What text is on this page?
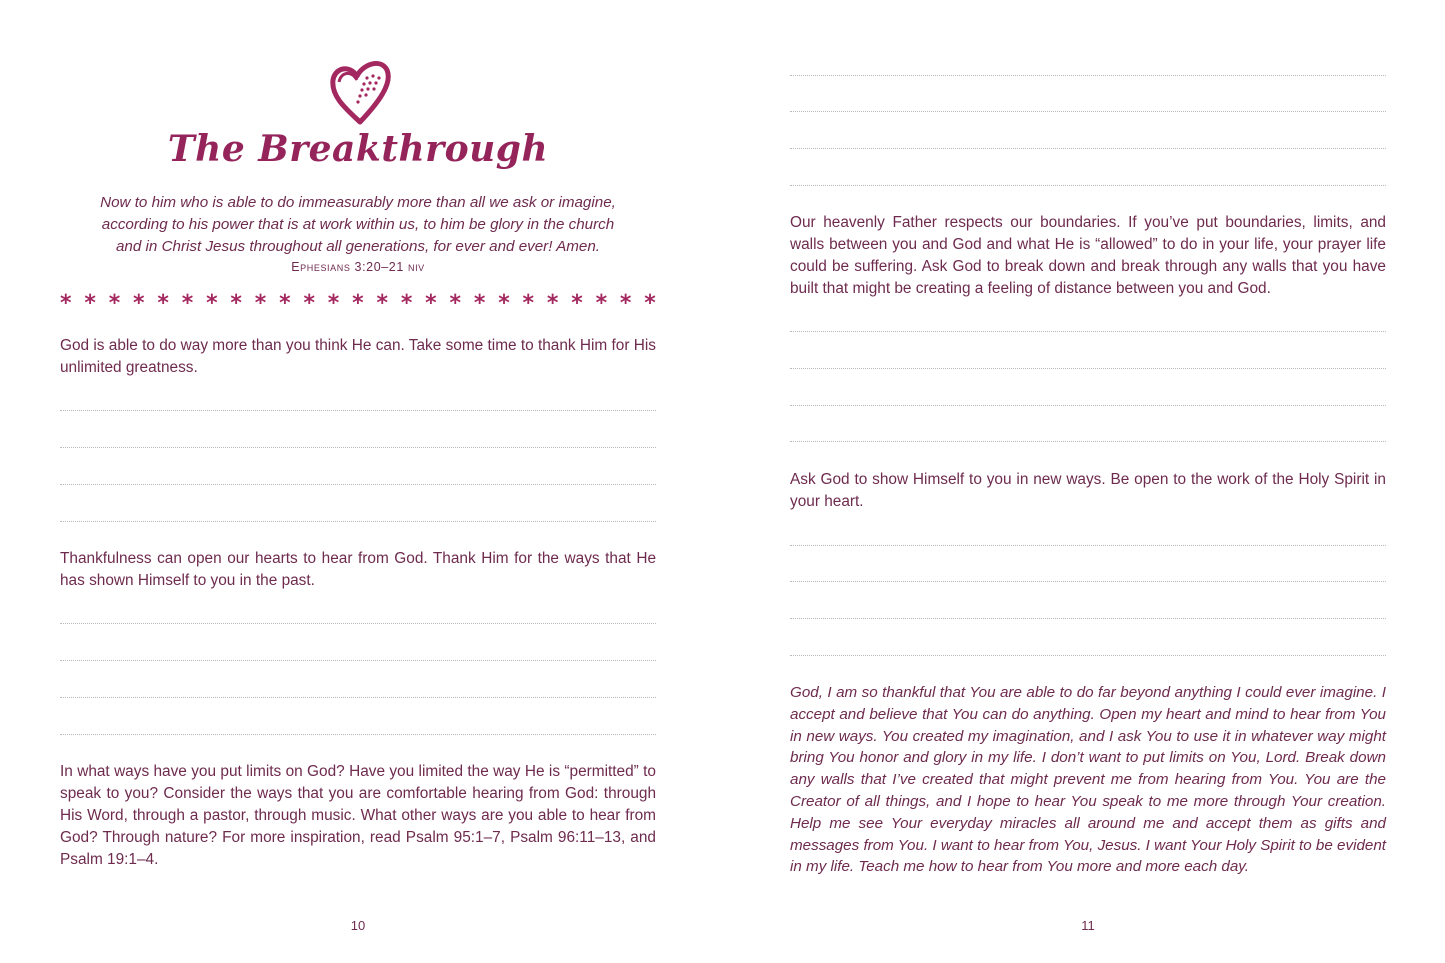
The Breakthrough
Now to him who is able to do immeasurably more than all we ask or imagine,
according to his power that is at work within us, to him be glory in the church
and in Christ Jesus throughout all generations, for ever and ever! Amen.
Ephesians 3:20–21 niv
* * * * * * * * * * * * * * * * * * * * * * * * *
God is able to do way more than you think He can. Take some time to thank Him for His unlimited greatness.
Thankfulness can open our hearts to hear from God. Thank Him for the ways that He has shown Himself to you in the past.
In what ways have you put limits on God? Have you limited the way He is “permitted” to speak to you? Consider the ways that you are comfortable hearing from God: through His Word, through a pastor, through music. What other ways are you able to hear from God? Through nature? For more inspiration, read Psalm 95:1–7, Psalm 96:11–13, and Psalm 19:1–4.
10
Our heavenly Father respects our boundaries. If you’ve put boundaries, limits, and walls between you and God and what He is “allowed” to do in your life, your prayer life could be suffering. Ask God to break down and break through any walls that you have built that might be creating a feeling of distance between you and God.
Ask God to show Himself to you in new ways. Be open to the work of the Holy Spirit in your heart.
God, I am so thankful that You are able to do far beyond anything I could ever imagine. I accept and believe that You can do anything. Open my heart and mind to hear from You in new ways. You created my imagination, and I ask You to use it in whatever way might bring You honor and glory in my life. I don’t want to put limits on You, Lord. Break down any walls that I’ve created that might prevent me from hearing from You. You are the Creator of all things, and I hope to hear You speak to me more through Your creation. Help me see Your everyday miracles all around me and accept them as gifts and messages from You. I want to hear from You, Jesus. I want Your Holy Spirit to be evident in my life. Teach me how to hear from You more and more each day.
11
